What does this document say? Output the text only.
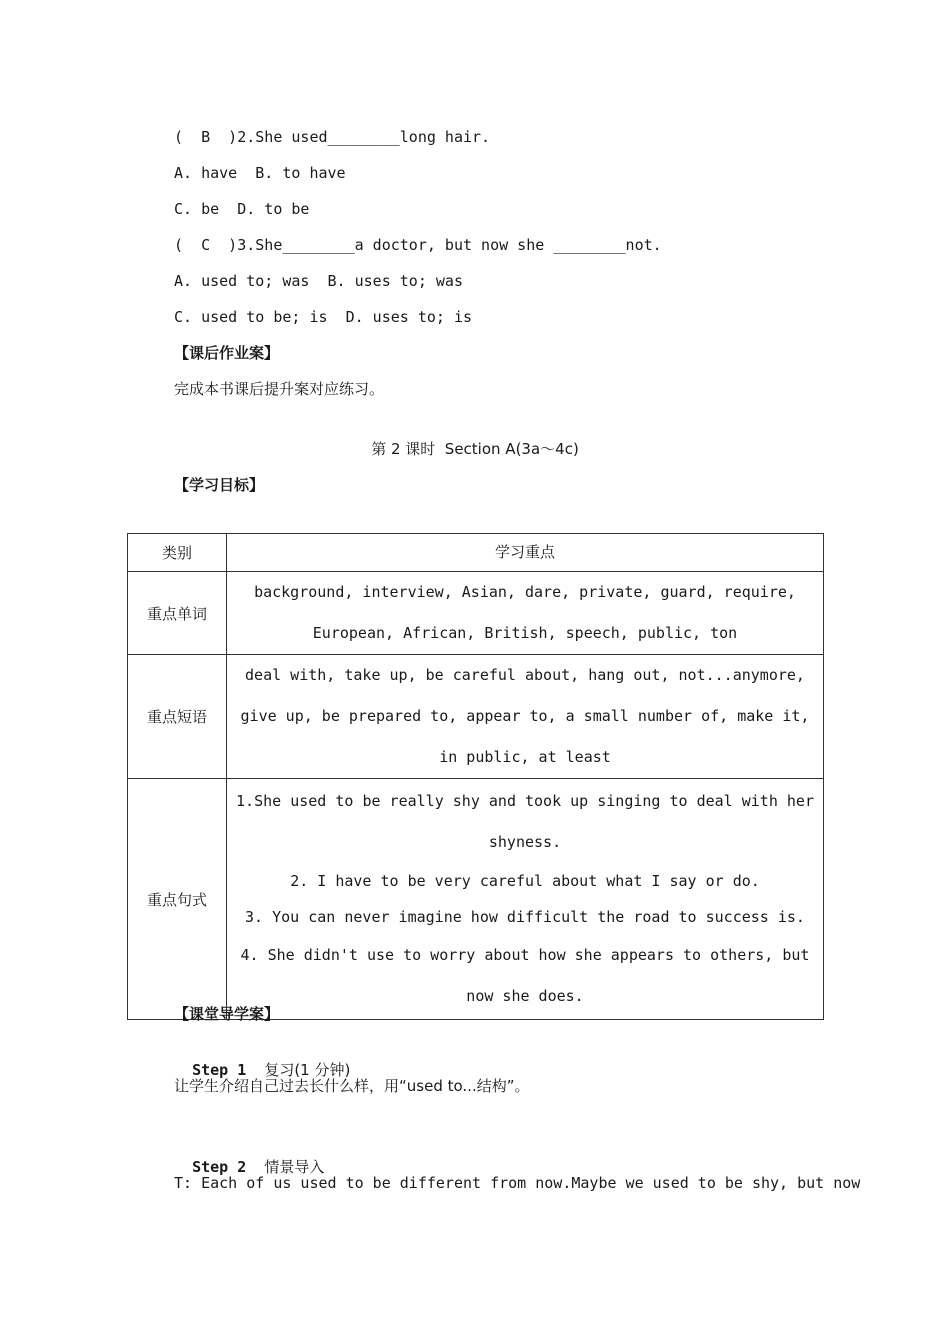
(  B  )2.She used________long hair.
A. have  B. to have
C. be  D. to be
(  C  )3.She________a doctor, but now she ________not.
A. used to; was  B. uses to; was
C. used to be; is  D. uses to; is
【课后作业案】
完成本书课后提升案对应练习。
第 2 课时  Section A(3a～4c)
【学习目标】
类别	学习重点
重点单词	background, interview, Asian, dare, private, guard, require, European, African, British, speech, public, ton
重点短语	deal with, take up, be careful about, hang out, not...anymore, give up, be prepared to, appear to, a small number of, make it, in public, at least
重点句式	1.She used to be really shy and took up singing to deal with her shyness.
2. I have to be very careful about what I say or do.
3. You can never imagine how difficult the road to success is.
4. She didn't use to worry about how she appears to others, but now she does.
【课堂导学案】

Step 1 复习(1 分钟)

让学生介绍自己过去长什么样，用“used to...结构”。

Step 2 情景导入

T: Each of us used to be different from now.Maybe we used to be shy, but now
